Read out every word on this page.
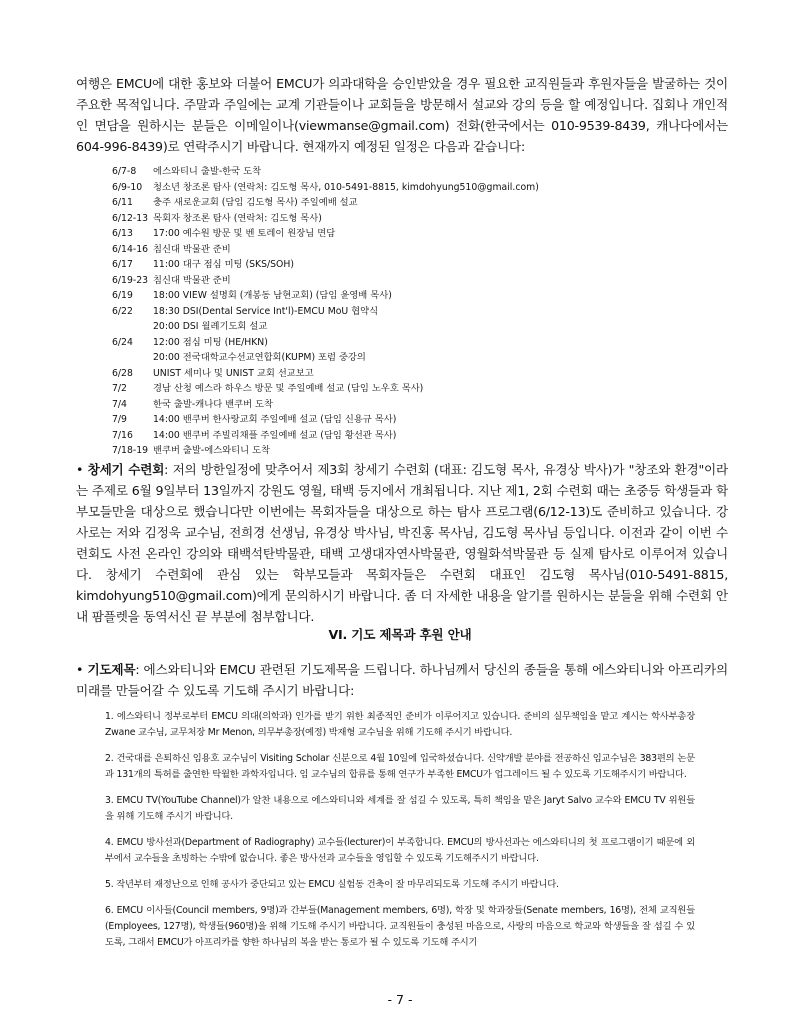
여행은 EMCU에 대한 홍보와 더불어 EMCU가 의과대학을 승인받았을 경우 필요한 교직원들과 후원자들을 발굴하는 것이 주요한 목적입니다. 주말과 주일에는 교계 기관들이나 교회들을 방문해서 설교와 강의 등을 할 예정입니다. 집회나 개인적인 면담을 원하시는 분들은 이메일이나(viewmanse@gmail.com) 전화(한국에서는 010-9539-8439, 캐나다에서는 604-996-8439)로 연락주시기 바랍니다. 현재까지 예정된 일정은 다음과 같습니다:

6/7-8	에스와티니 출발-한국 도착
6/9-10	청소년 창조론 탐사 (연락처: 김도형 목사, 010-5491-8815, kimdohyung510@gmail.com)
6/11	충주 새로운교회 (담임 김도형 목사) 주일예배 설교
6/12-13 목회자 창조론 탐사 (연락처: 김도형 목사)
6/13	17:00 예수원 방문 및 벤 토레이 원장님 면담
6/14-16 침신대 박물관 준비
6/17	11:00 대구 점심 미팅 (SKS/SOH)
6/19-23 침신대 박물관 준비
6/19	18:00 VIEW 설명회 (개봉동 남현교회) (담임 윤영배 목사)
6/22	18:30 DSI(Dental Service Int'l)-EMCU MoU 협약식
20:00 DSI 월례기도회 설교
6/24	12:00 점심 미팅 (HE/HKN)
20:00 전국대학교수선교연합회(KUPM) 포럼 중강의
6/28	UNIST 세미나 및 UNIST 교회 선교보고
7/2	경남 산청 예스라 하우스 방문 및 주일예배 설교 (담임 노우호 목사)
7/4	한국 출발-캐나다 밴쿠버 도착
7/9	14:00 밴쿠버 한사랑교회 주일예배 설교 (담임 신용규 목사)
7/16	14:00 밴쿠버 주빌리채플 주일예배 설교 (담임 황선관 목사)
7/18-19 밴쿠버 출발-에스와티니 도착

• 창세기 수련회: 저의 방한일정에 맞추어서 제3회 창세기 수련회 (대표: 김도형 목사, 유경상 박사)가 "창조와 환경"이라는 주제로 6월 9일부터 13일까지 강원도 영월, 태백 등지에서 개최됩니다. 지난 제1, 2회 수련회 때는 초중등 학생들과 학부모들만을 대상으로 했습니다만 이번에는 목회자들을 대상으로 하는 탐사 프로그램(6/12-13)도 준비하고 있습니다. 강사로는 저와 김정욱 교수님, 전희경 선생님, 유경상 박사님, 박진홍 목사님, 김도형 목사님 등입니다. 이전과 같이 이번 수련회도 사전 온라인 강의와 태백석탄박물관, 태백 고생대자연사박물관, 영월화석박물관 등 실제 탐사로 이루어져 있습니다. 창세기 수련회에 관심 있는 학부모들과 목회자들은 수련회 대표인 김도형 목사님(010-5491-8815, kimdohyung510@gmail.com)에게 문의하시기 바랍니다. 좀 더 자세한 내용을 알기를 원하시는 분들을 위해 수련회 안내 팜플렛을 동역서신 끝 부분에 첨부합니다.

VI. 기도 제목과 후원 안내

• 기도제목: 에스와티니와 EMCU 관련된 기도제목을 드립니다. 하나님께서 당신의 종들을 통해 에스와티니와 아프리카의 미래를 만들어갈 수 있도록 기도해 주시기 바랍니다:

1. 에스와티니 정부로부터 EMCU 의대(의학과) 인가를 받기 위한 최종적인 준비가 이루어지고 있습니다. 준비의 실무책임을 맡고 계시는 학사부총장 Zwane 교수님, 교무처장 Mr Menon, 의무부총장(예정) 박재형 교수님을 위해 기도해 주시기 바랍니다.

2. 건국대를 은퇴하신 임용호 교수님이 Visiting Scholar 신분으로 4월 10일에 입국하셨습니다. 신약개발 분야를 전공하신 임교수님은 383편의 논문과 131개의 특허를 출연한 탁월한 과학자입니다. 임 교수님의 합류를 통해 연구가 부족한 EMCU가 업그레이드 될 수 있도록 기도해주시기 바랍니다.

3. EMCU TV(YouTube Channel)가 알찬 내용으로 에스와티니와 세계를 잘 섬길 수 있도록, 특히 책임을 맡은 Jaryt Salvo 교수와 EMCU TV 위원들을 위해 기도해 주시기 바랍니다.

4. EMCU 방사선과(Department of Radiography) 교수들(lecturer)이 부족합니다. EMCU의 방사선과는 에스와티니의 첫 프로그램이기 때문에 외부에서 교수들을 초빙하는 수밖에 없습니다. 좋은 방사선과 교수들을 영입할 수 있도록 기도해주시기 바랍니다.

5. 작년부터 재정난으로 인해 공사가 중단되고 있는 EMCU 실험동 건축이 잘 마무리되도록 기도해 주시기 바랍니다.

6. EMCU 이사들(Council members, 9명)과 간부들(Management members, 6명), 학장 및 학과장들(Senate members, 16명), 전체 교직원들(Employees, 127명), 학생들(960명)을 위해 기도해 주시기 바랍니다. 교직원들이 충성된 마음으로, 사랑의 마음으로 학교와 학생들을 잘 섬길 수 있도록, 그래서 EMCU가 아프리카를 향한 하나님의 복을 받는 통로가 될 수 있도록 기도해 주시기

- 7 -
